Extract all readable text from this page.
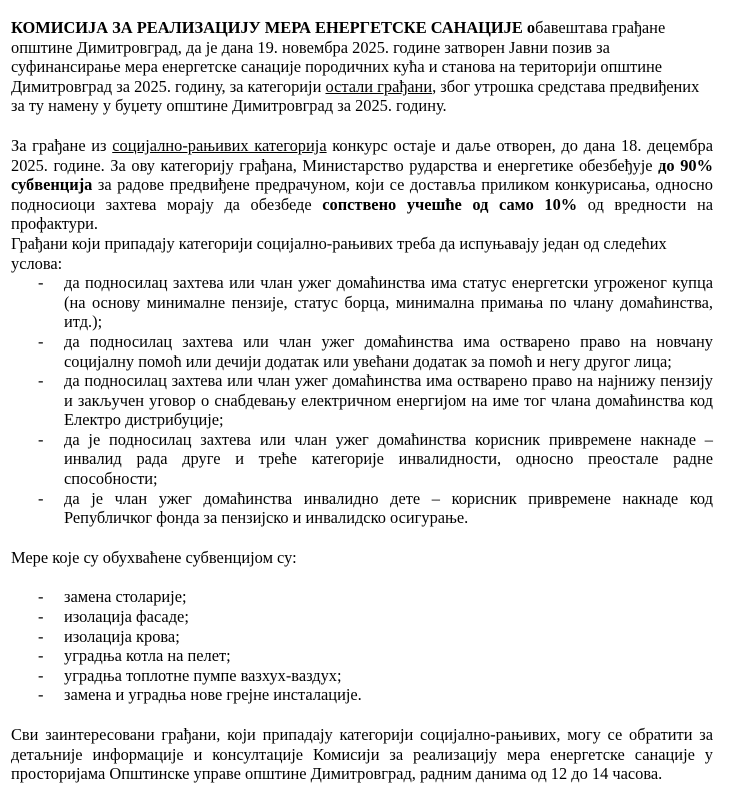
КОМИСИЈА ЗА РЕАЛИЗАЦИЈУ МЕРА ЕНЕРГЕТСКЕ САНАЦИЈЕ обавештава грађане општине Димитровград, да је дана 19. новембра 2025. године затворен Јавни позив за суфинансирање мера енергетске санације породичних кућа и станова на територији општине Димитровград за 2025. годину, за категорији остали грађани, због утрошка средстава предвиђених за ту намену у буџету општине Димитровград за 2025. годину.

За грађане из социјално-рањивих категорија конкурс остаје и даље отворен, до дана 18. децембра 2025. године. За ову категорију грађана, Министарство рударства и енергетике обезбеђује до 90% субвенција за радове предвиђене предрачуном, који се доставља приликом конкурисања, односно подносиоци захтева морају да обезбеде сопствено учешће од само 10% од вредности на профактури.

Грађани који припадају категорији социјално-рањивих треба да испуњавају један од следећих услова:

- да подносилац захтева или члан ужег домаћинства има статус енергетски угроженог купца (на основу минималне пензије, статус борца, минимална примања по члану домаћинства, итд.);
- да подносилац захтева или члан ужег домаћинства има остварено право на новчану социјалну помоћ или дечији додатак или увећани додатак за помоћ и негу другог лица;
- да подносилац захтева или члан ужег домаћинства има остварено право на најнижу пензију и закључен уговор о снабдевању електричном енергијом на име тог члана домаћинства код Електро дистрибуције;
- да је подносилац захтева или члан ужег домаћинства корисник привремене накнаде – инвалид рада друге и треће категорије инвалидности, односно преостале радне способности;
- да је члан ужег домаћинства инвалидно дете – корисник привремене накнаде код Републичког фонда за пензијско и инвалидско осигурање.

Мере које су обухваћене субвенцијом су:

- замена столарије;
- изолација фасаде;
- изолација крова;
- уградња котла на пелет;
- уградња топлотне пумпе вазхух-ваздух;
- замена и уградња нове грејне инсталације.

Сви заинтересовани грађани, који припадају категорији социјално-рањивих, могу се обратити за детаљније информације и консултације Комисији за реализацију мера енергетске санације у просторијама Општинске управе општине Димитровград, радним данима од 12 до 14 часова.
